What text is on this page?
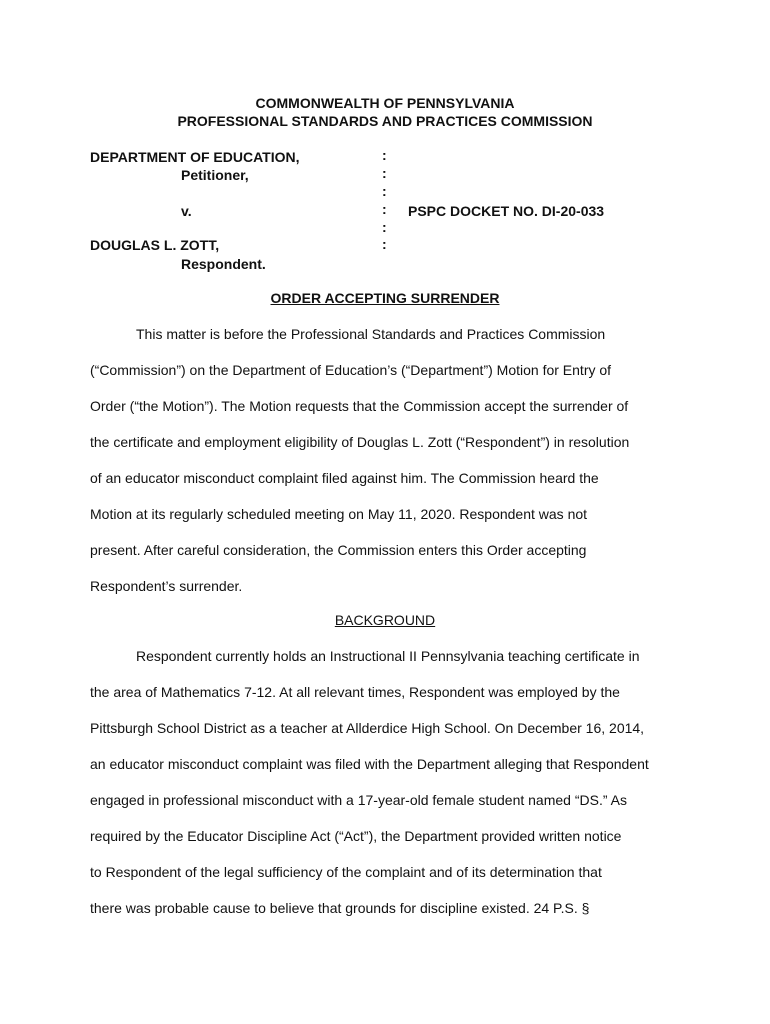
COMMONWEALTH OF PENNSYLVANIA
PROFESSIONAL STANDARDS AND PRACTICES COMMISSION
DEPARTMENT OF EDUCATION,
Petitioner,
v.
DOUGLAS L. ZOTT,
Respondent.
:
:
:
:
:
:
PSPC DOCKET NO. DI-20-033
ORDER ACCEPTING SURRENDER
This matter is before the Professional Standards and Practices Commission
(“Commission”) on the Department of Education’s (“Department”) Motion for Entry of
Order (“the Motion”). The Motion requests that the Commission accept the surrender of
the certificate and employment eligibility of Douglas L. Zott (“Respondent”) in resolution
of an educator misconduct complaint filed against him. The Commission heard the
Motion at its regularly scheduled meeting on May 11, 2020. Respondent was not
present. After careful consideration, the Commission enters this Order accepting
Respondent’s surrender.
BACKGROUND
Respondent currently holds an Instructional II Pennsylvania teaching certificate in
the area of Mathematics 7-12. At all relevant times, Respondent was employed by the
Pittsburgh School District as a teacher at Allderdice High School. On December 16, 2014,
an educator misconduct complaint was filed with the Department alleging that Respondent
engaged in professional misconduct with a 17-year-old female student named “DS.” As
required by the Educator Discipline Act (“Act”), the Department provided written notice
to Respondent of the legal sufficiency of the complaint and of its determination that
there was probable cause to believe that grounds for discipline existed. 24 P.S. §
